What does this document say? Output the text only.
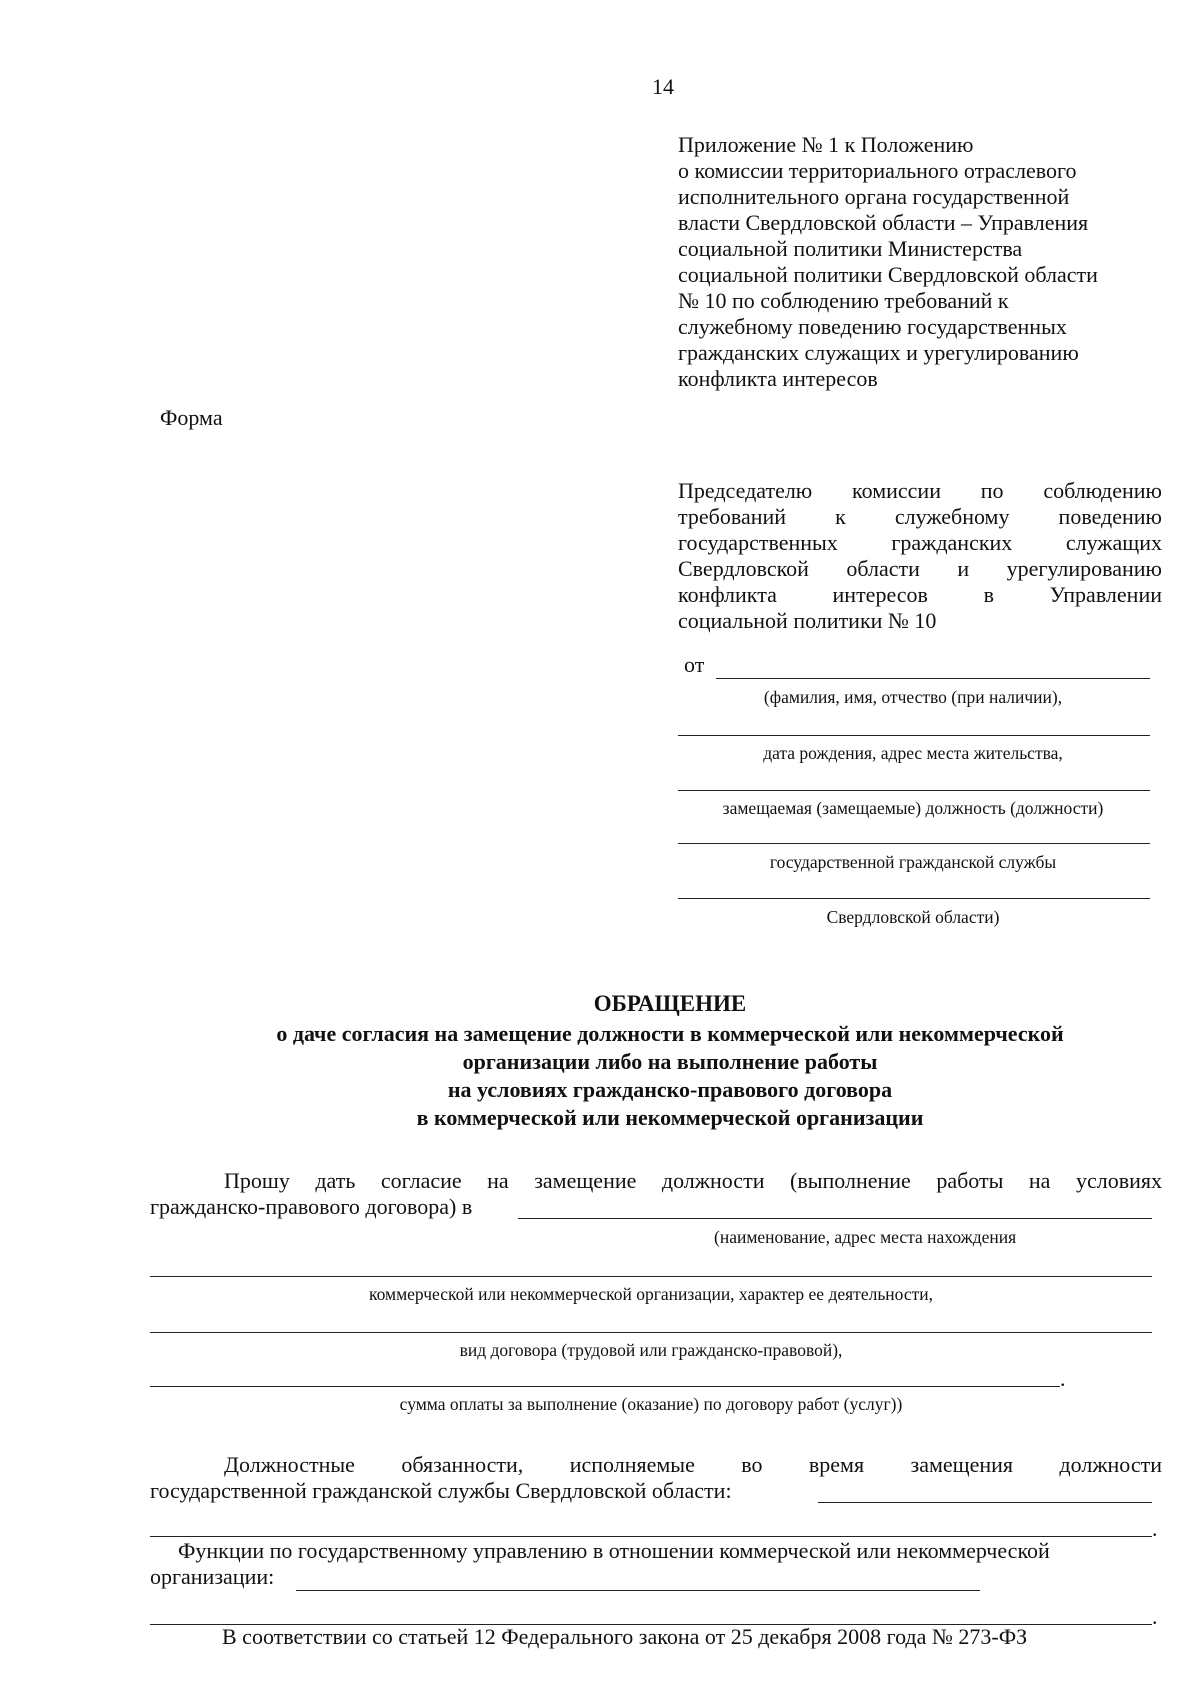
14
Приложение № 1 к Положению
о комиссии территориального отраслевого
исполнительного органа государственной
власти Свердловской области – Управления
социальной политики Министерства
социальной политики Свердловской области
№ 10 по соблюдению требований к
служебному поведению государственных
гражданских служащих и урегулированию
конфликта интересов
Форма
Председателю комиссии по соблюдению
требований к служебному поведению
государственных гражданских служащих
Свердловской области и урегулированию
конфликта интересов в Управлении
социальной политики № 10
от
(фамилия, имя, отчество (при наличии),
дата рождения, адрес места жительства,
замещаемая (замещаемые) должность (должности)
государственной гражданской службы
Свердловской области)
ОБРАЩЕНИЕ
о даче согласия на замещение должности в коммерческой или некоммерческой
организации либо на выполнение работы
на условиях гражданско-правового договора
в коммерческой или некоммерческой организации
Прошу дать согласие на замещение должности (выполнение работы на условиях
гражданско-правового договора) в
(наименование, адрес места нахождения
коммерческой или некоммерческой организации, характер ее деятельности,
вид договора (трудовой или гражданско-правовой),
.
сумма оплаты за выполнение (оказание) по договору работ (услуг))
Должностные обязанности, исполняемые во время замещения должности
государственной гражданской службы Свердловской области:
.
Функции по государственному управлению в отношении коммерческой или некоммерческой
организации:
.
В соответствии со статьей 12 Федерального закона от 25 декабря 2008 года № 273-ФЗ
